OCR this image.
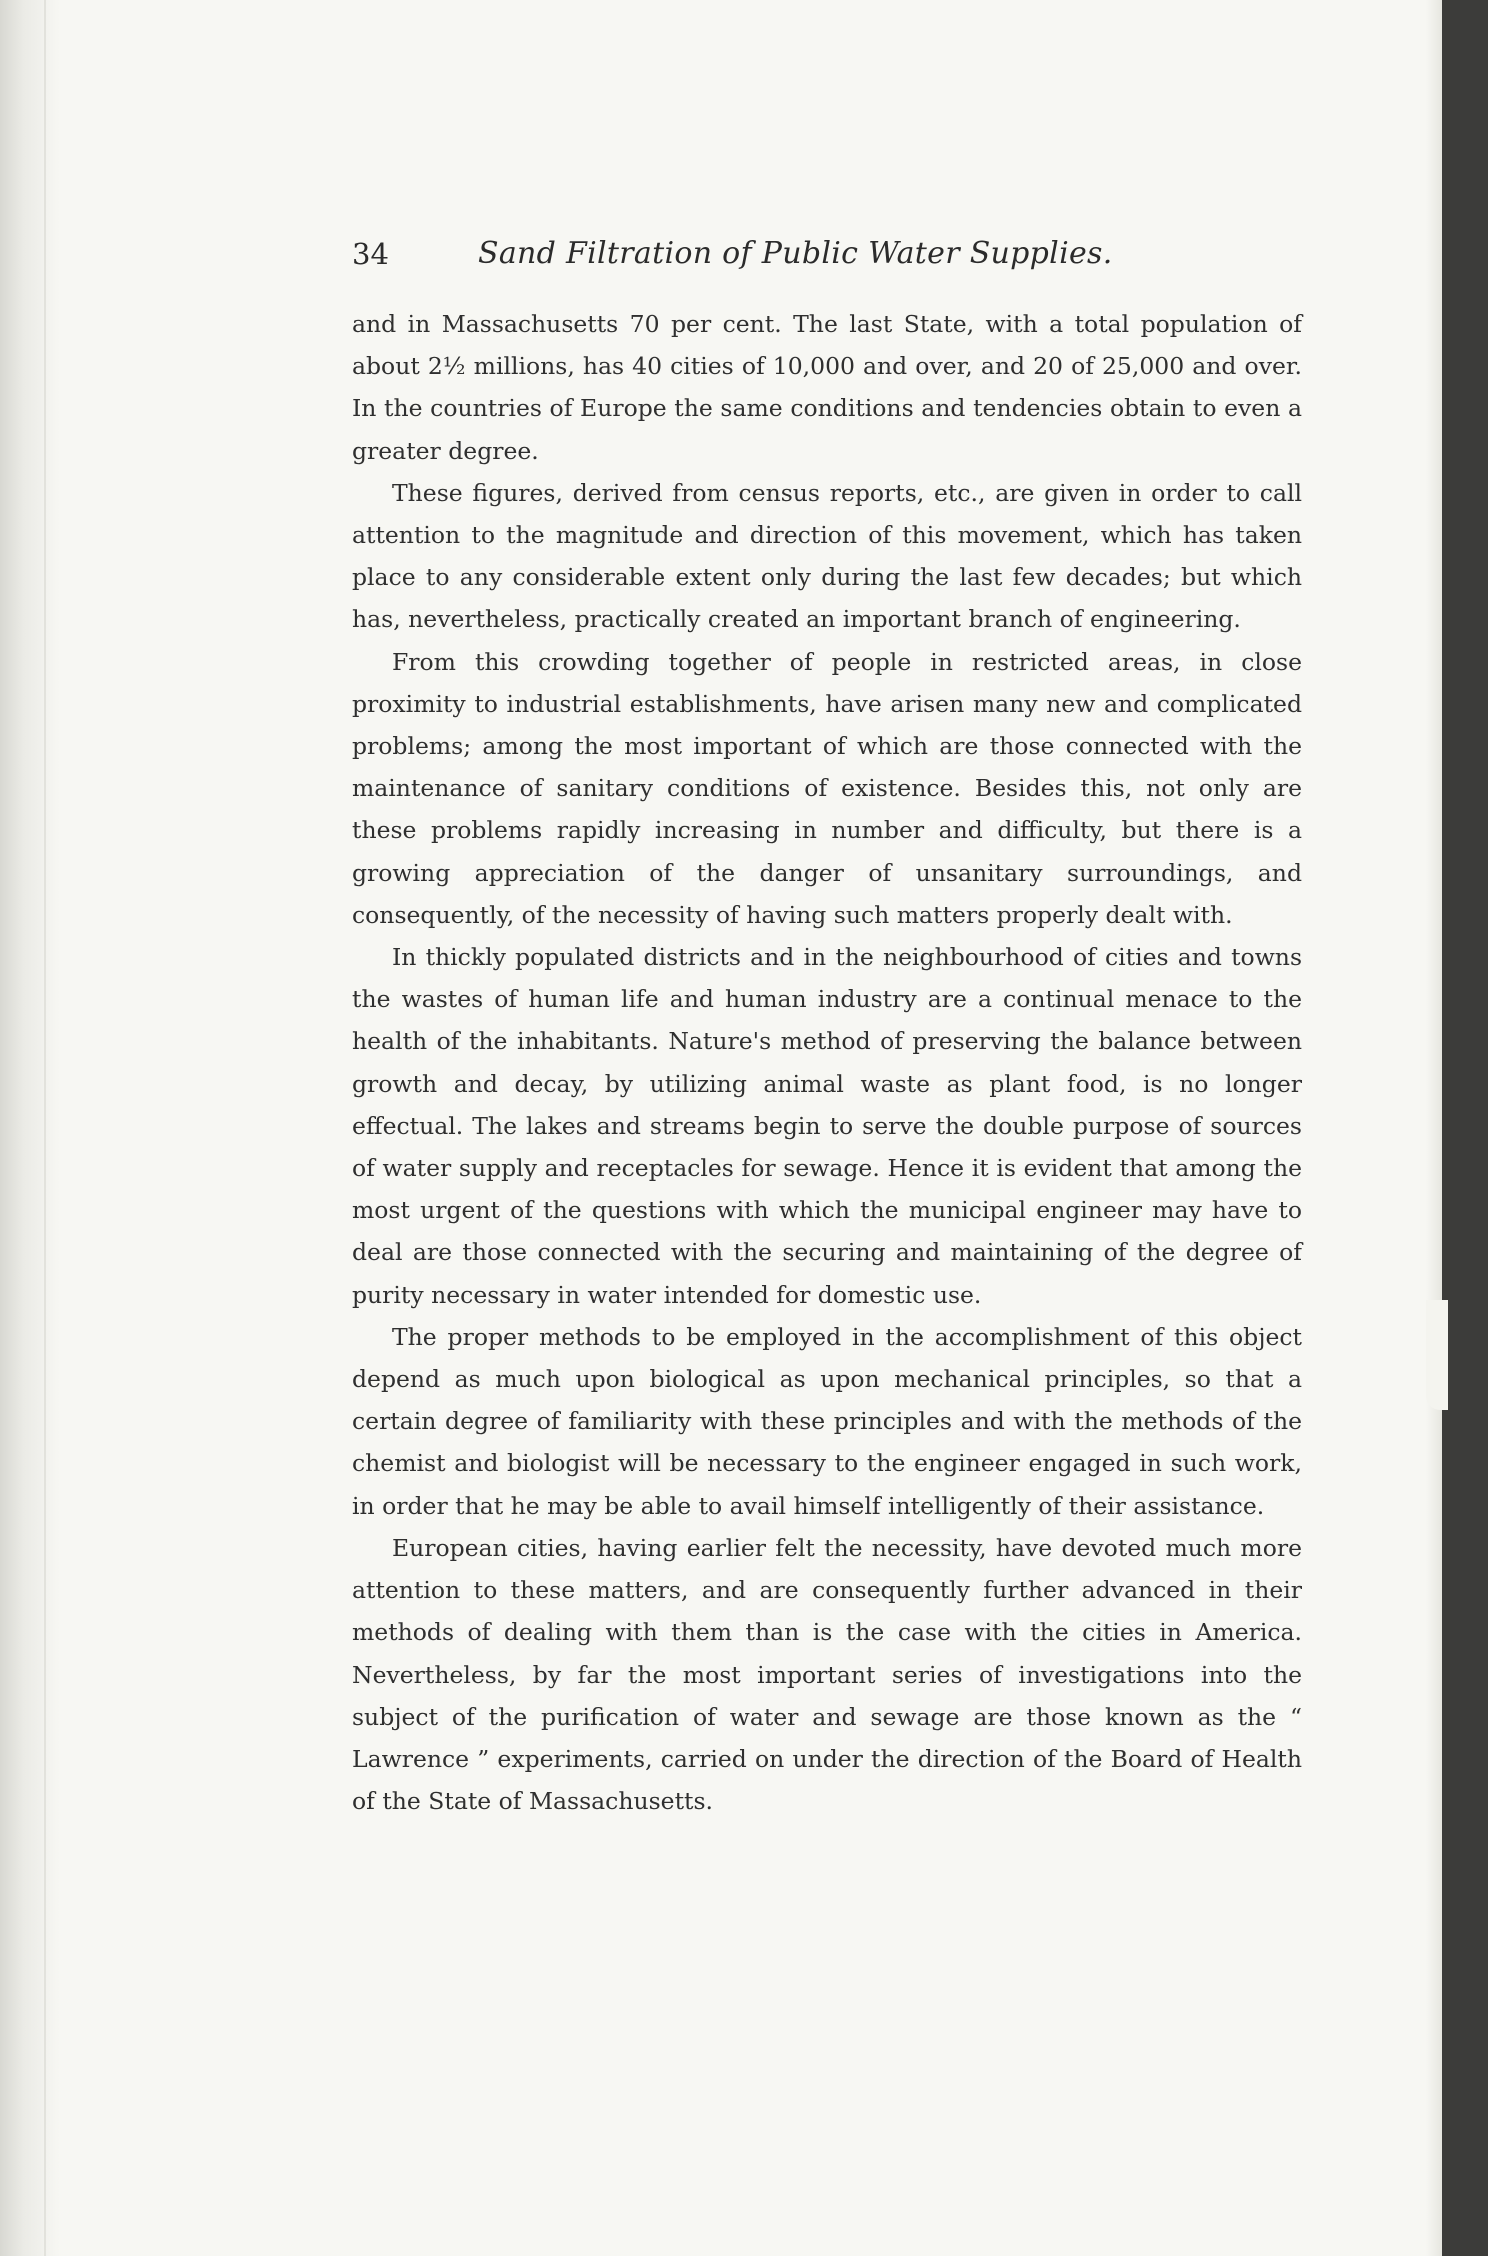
34	Sand Filtration of Public Water Supplies.

and in Massachusetts 70 per cent. The last State, with a total population of about 2½ millions, has 40 cities of 10,000 and over, and 20 of 25,000 and over. In the countries of Europe the same conditions and tendencies obtain to even a greater degree.

These figures, derived from census reports, etc., are given in order to call attention to the magnitude and direction of this movement, which has taken place to any considerable extent only during the last few decades; but which has, nevertheless, practically created an important branch of engineering.

From this crowding together of people in restricted areas, in close proximity to industrial establishments, have arisen many new and complicated problems; among the most important of which are those connected with the maintenance of sanitary conditions of existence. Besides this, not only are these problems rapidly increasing in number and difficulty, but there is a growing appreciation of the danger of unsanitary surroundings, and consequently, of the necessity of having such matters properly dealt with.

In thickly populated districts and in the neighbourhood of cities and towns the wastes of human life and human industry are a continual menace to the health of the inhabitants. Nature's method of preserving the balance between growth and decay, by utilizing animal waste as plant food, is no longer effectual. The lakes and streams begin to serve the double purpose of sources of water supply and receptacles for sewage. Hence it is evident that among the most urgent of the questions with which the municipal engineer may have to deal are those connected with the securing and maintaining of the degree of purity necessary in water intended for domestic use.

The proper methods to be employed in the accomplishment of this object depend as much upon biological as upon mechanical principles, so that a certain degree of familiarity with these principles and with the methods of the chemist and biologist will be necessary to the engineer engaged in such work, in order that he may be able to avail himself intelligently of their assistance.

European cities, having earlier felt the necessity, have devoted much more attention to these matters, and are consequently further advanced in their methods of dealing with them than is the case with the cities in America. Nevertheless, by far the most important series of investigations into the subject of the purification of water and sewage are those known as the “ Lawrence ” experiments, carried on under the direction of the Board of Health of the State of Massachusetts.
